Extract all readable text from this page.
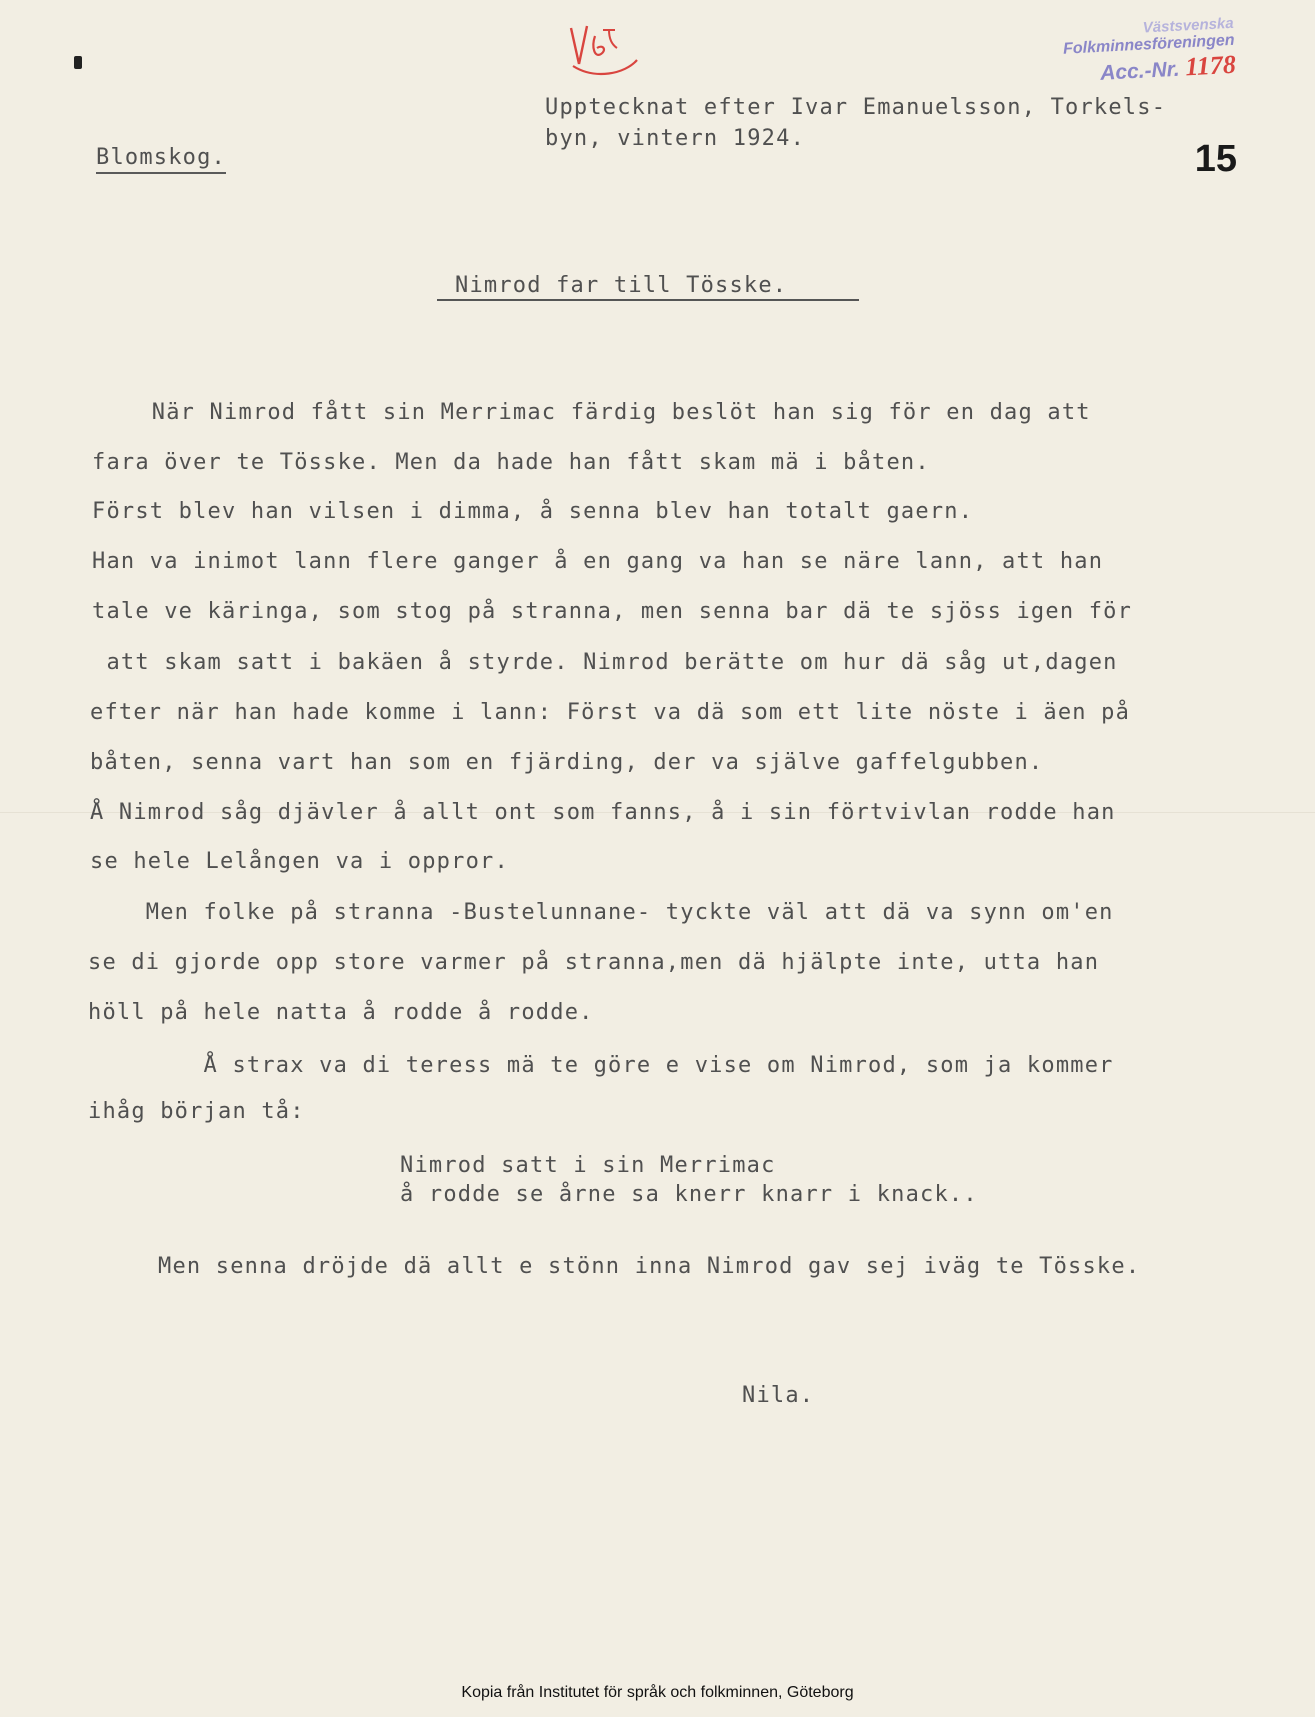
Västsvenska
Folkminnesföreningen
Acc.-Nr. 1178
Upptecknat efter Ivar Emanuelsson, Torkels-
byn, vintern 1924.
Blomskog.	15
Nimrod far till Tösske.
När Nimrod fått sin Merrimac färdig beslöt han sig för en dag att
fara över te Tösske. Men da hade han fått skam mä i båten.
Först blev han vilsen i dimma, å senna blev han totalt gaern.
Han va inimot lann flere ganger å en gang va han se näre lann, att han
tale ve käringa, som stog på stranna, men senna bar dä te sjöss igen för
att skam satt i bakäen å styrde. Nimrod berätte om hur dä såg ut,dagen
efter när han hade komme i lann: Först va dä som ett lite nöste i äen på
båten, senna vart han som en fjärding, der va själve gaffelgubben.
Å Nimrod såg djävler å allt ont som fanns, å i sin förtvivlan rodde han
se hele Lelången va i oppror.
Men folke på stranna -Bustelunnane- tyckte väl att dä va synn om'en
se di gjorde opp store varmer på stranna,men dä hjälpte inte, utta han
höll på hele natta å rodde å rodde.
Å strax va di teress mä te göre e vise om Nimrod, som ja kommer
ihåg början tå:
Nimrod satt i sin Merrimac
å rodde se årne sa knerr knarr i knack..
Men senna dröjde dä allt e stönn inna Nimrod gav sej iväg te Tösske.
Nila.
Kopia från Institutet för språk och folkminnen, Göteborg
